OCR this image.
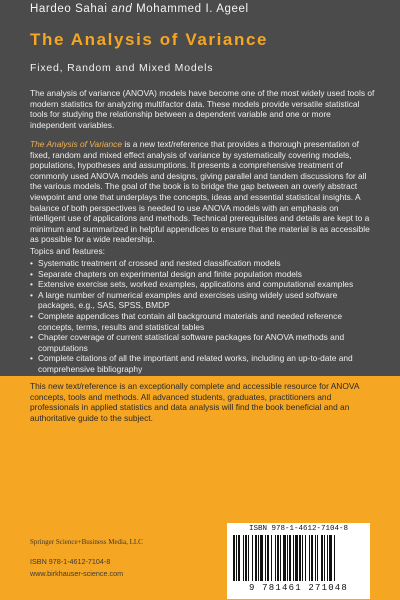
Hardeo Sahai and Mohammed I. Ageel
The Analysis of Variance
Fixed, Random and Mixed Models
The analysis of variance (ANOVA) models have become one of the most widely used tools of modern statistics for analyzing multifactor data. These models provide versatile statistical tools for studying the relationship between a dependent variable and one or more independent variables.
The Analysis of Variance is a new text/reference that provides a thorough presentation of fixed, random and mixed effect analysis of variance by systematically covering models, populations, hypotheses and assumptions. It presents a comprehensive treatment of commonly used ANOVA models and designs, giving parallel and tandem discussions for all the various models. The goal of the book is to bridge the gap between an overly abstract viewpoint and one that underplays the concepts, ideas and essential statistical insights. A balance of both perspectives is needed to use ANOVA models with an emphasis on intelligent use of applications and methods. Technical prerequisites and details are kept to a minimum and summarized in helpful appendices to ensure that the material is as accessible as possible for a wide readership.
Topics and features:
• Systematic treatment of crossed and nested classification models
• Separate chapters on experimental design and finite population models
• Extensive exercise sets, worked examples, applications and computational examples
• A large number of numerical examples and exercises using widely used software packages, e.g., SAS, SPSS, BMDP
• Complete appendices that contain all background materials and needed reference concepts, terms, results and statistical tables
• Chapter coverage of current statistical software packages for ANOVA methods and computations
• Complete citations of all the important and related works, including an up-to-date and comprehensive bibliography
This new text/reference is an exceptionally complete and accessible resource for ANOVA concepts, tools and methods. All advanced students, graduates, practitioners and professionals in applied statistics and data analysis will find the book beneficial and an authoritative guide to the subject.
Springer Science+Business Media, LLC
ISBN 978-1-4612-7104-8
www.birkhauser-science.com
ISBN 978-1-4612-7104-8
9 781461 271048
